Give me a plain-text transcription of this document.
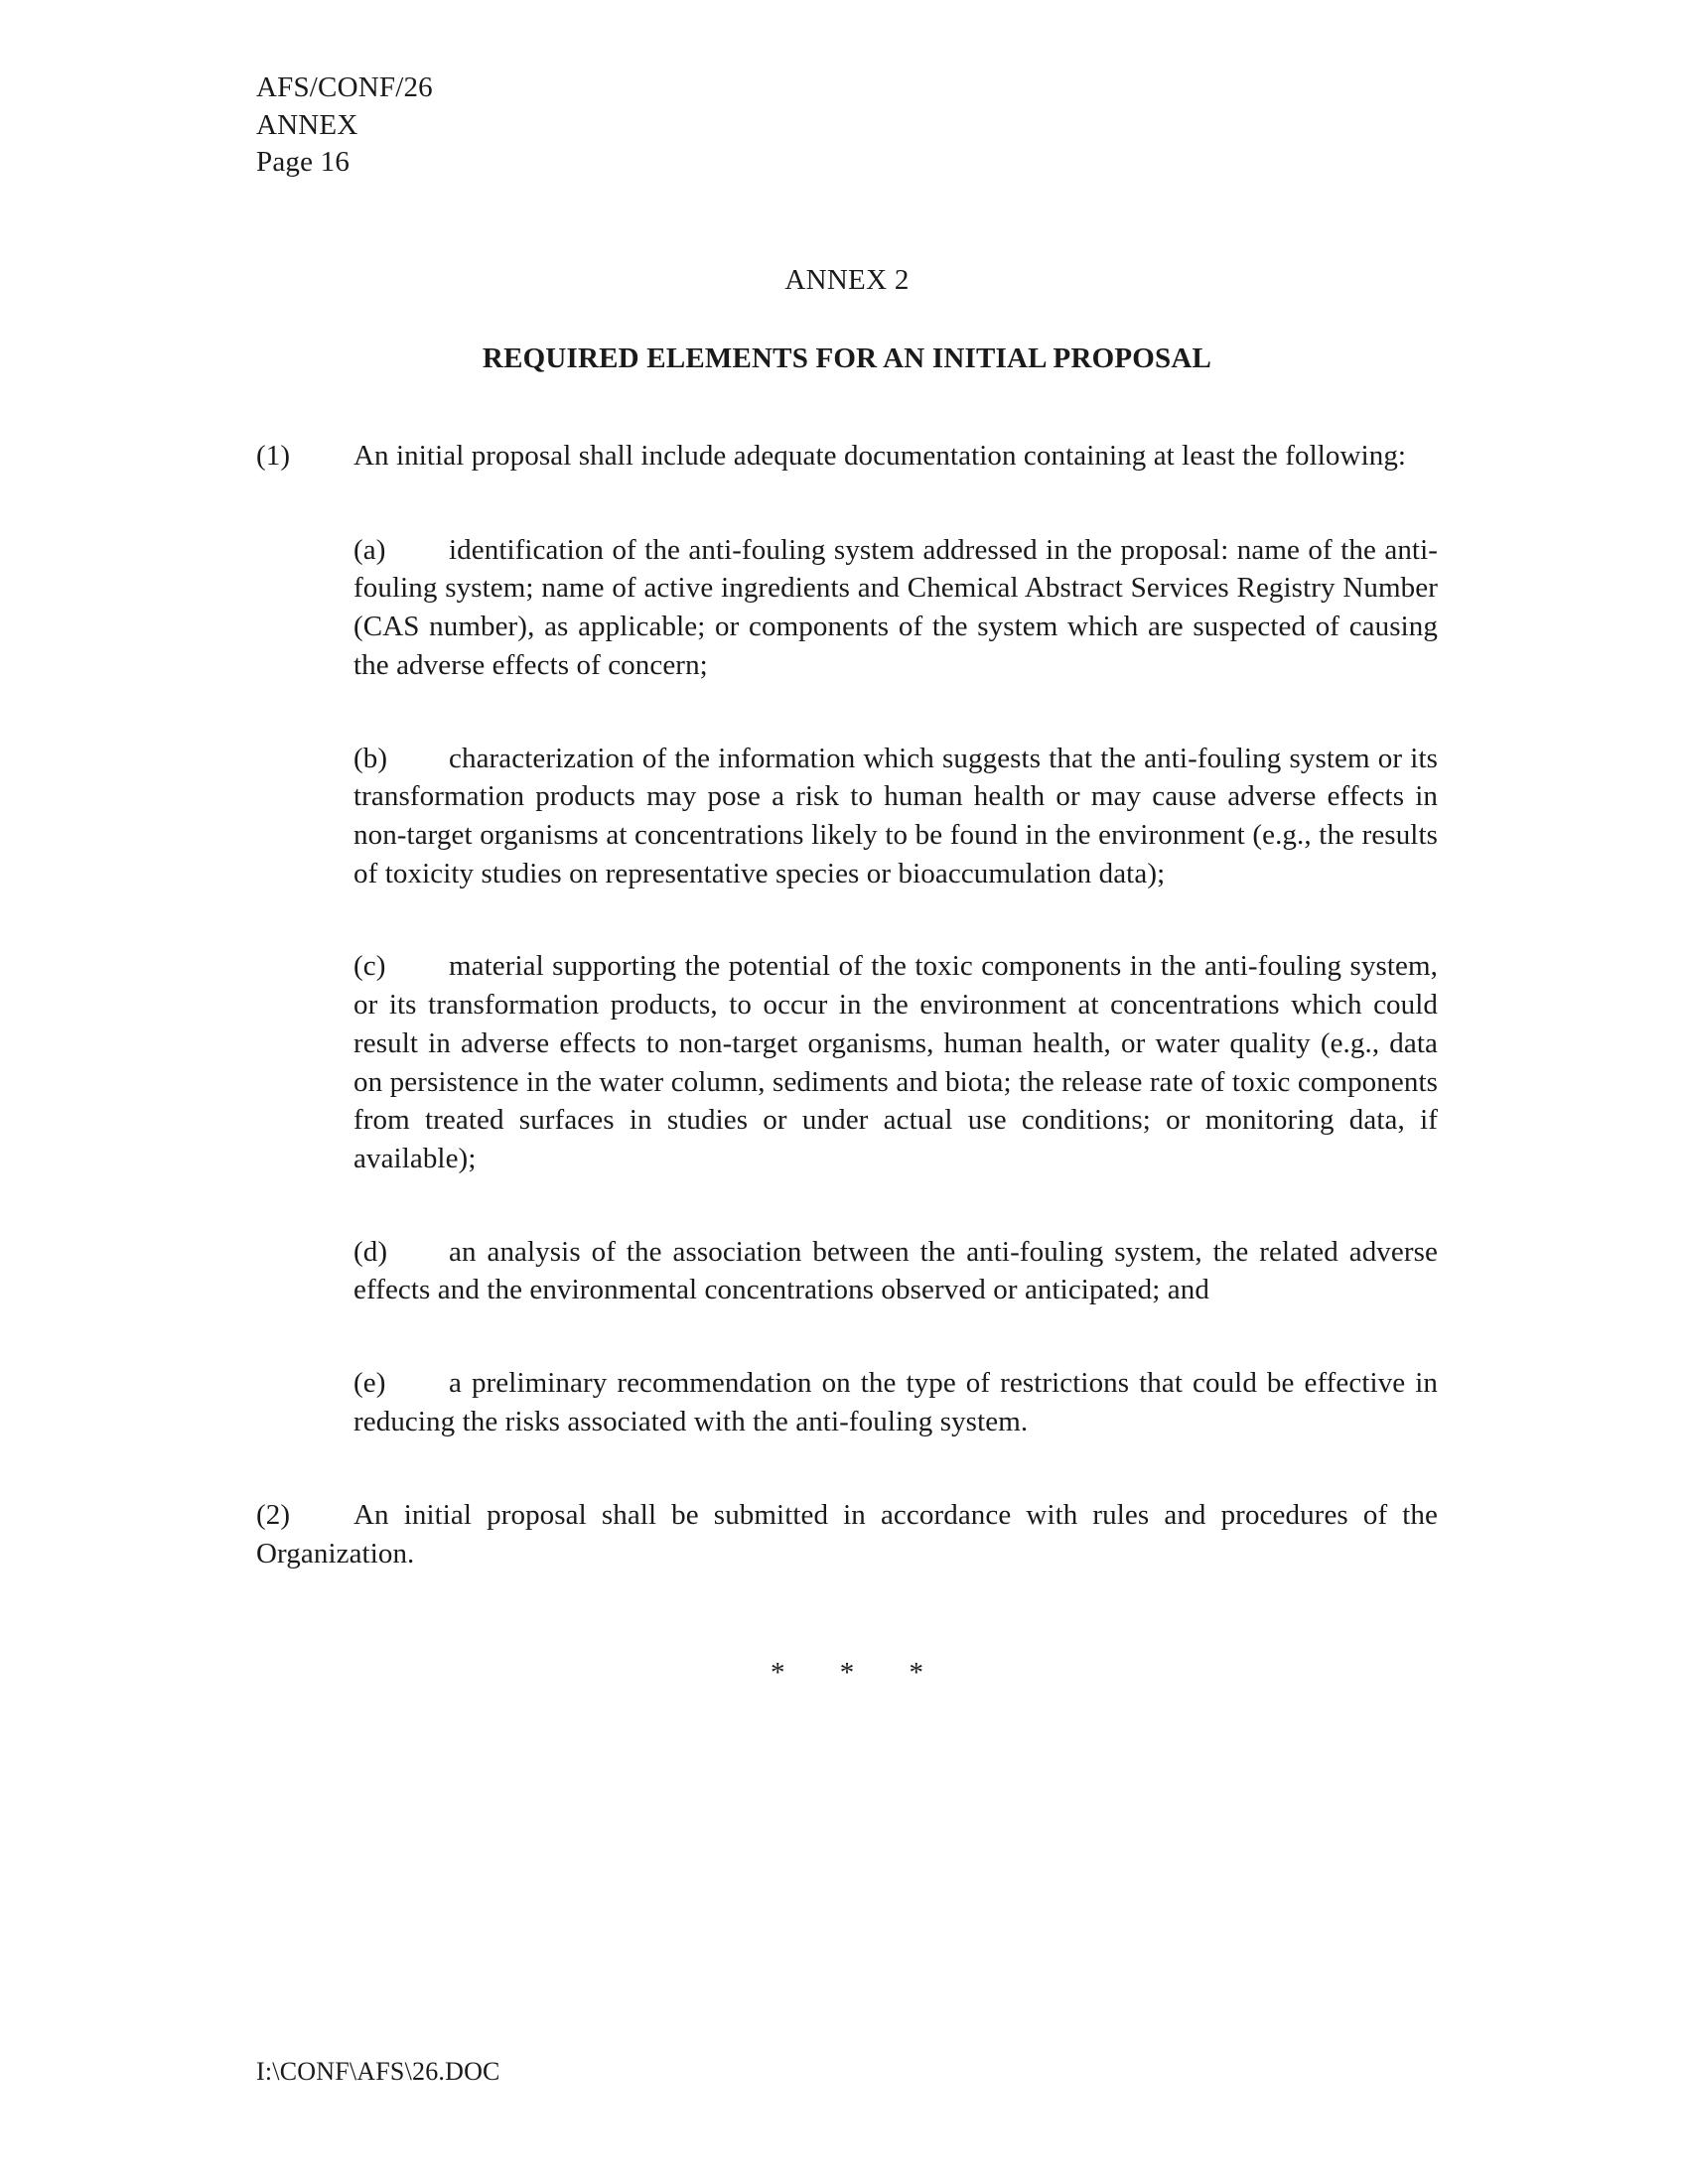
AFS/CONF/26
ANNEX
Page 16
ANNEX 2
REQUIRED ELEMENTS FOR AN INITIAL PROPOSAL
(1) An initial proposal shall include adequate documentation containing at least the following:
(a) identification of the anti-fouling system addressed in the proposal: name of the anti-fouling system; name of active ingredients and Chemical Abstract Services Registry Number (CAS number), as applicable; or components of the system which are suspected of causing the adverse effects of concern;
(b) characterization of the information which suggests that the anti-fouling system or its transformation products may pose a risk to human health or may cause adverse effects in non-target organisms at concentrations likely to be found in the environment (e.g., the results of toxicity studies on representative species or bioaccumulation data);
(c) material supporting the potential of the toxic components in the anti-fouling system, or its transformation products, to occur in the environment at concentrations which could result in adverse effects to non-target organisms, human health, or water quality (e.g., data on persistence in the water column, sediments and biota; the release rate of toxic components from treated surfaces in studies or under actual use conditions; or monitoring data, if available);
(d) an analysis of the association between the anti-fouling system, the related adverse effects and the environmental concentrations observed or anticipated; and
(e) a preliminary recommendation on the type of restrictions that could be effective in reducing the risks associated with the anti-fouling system.
(2) An initial proposal shall be submitted in accordance with rules and procedures of the Organization.
* * *
I:\CONF\AFS\26.DOC
